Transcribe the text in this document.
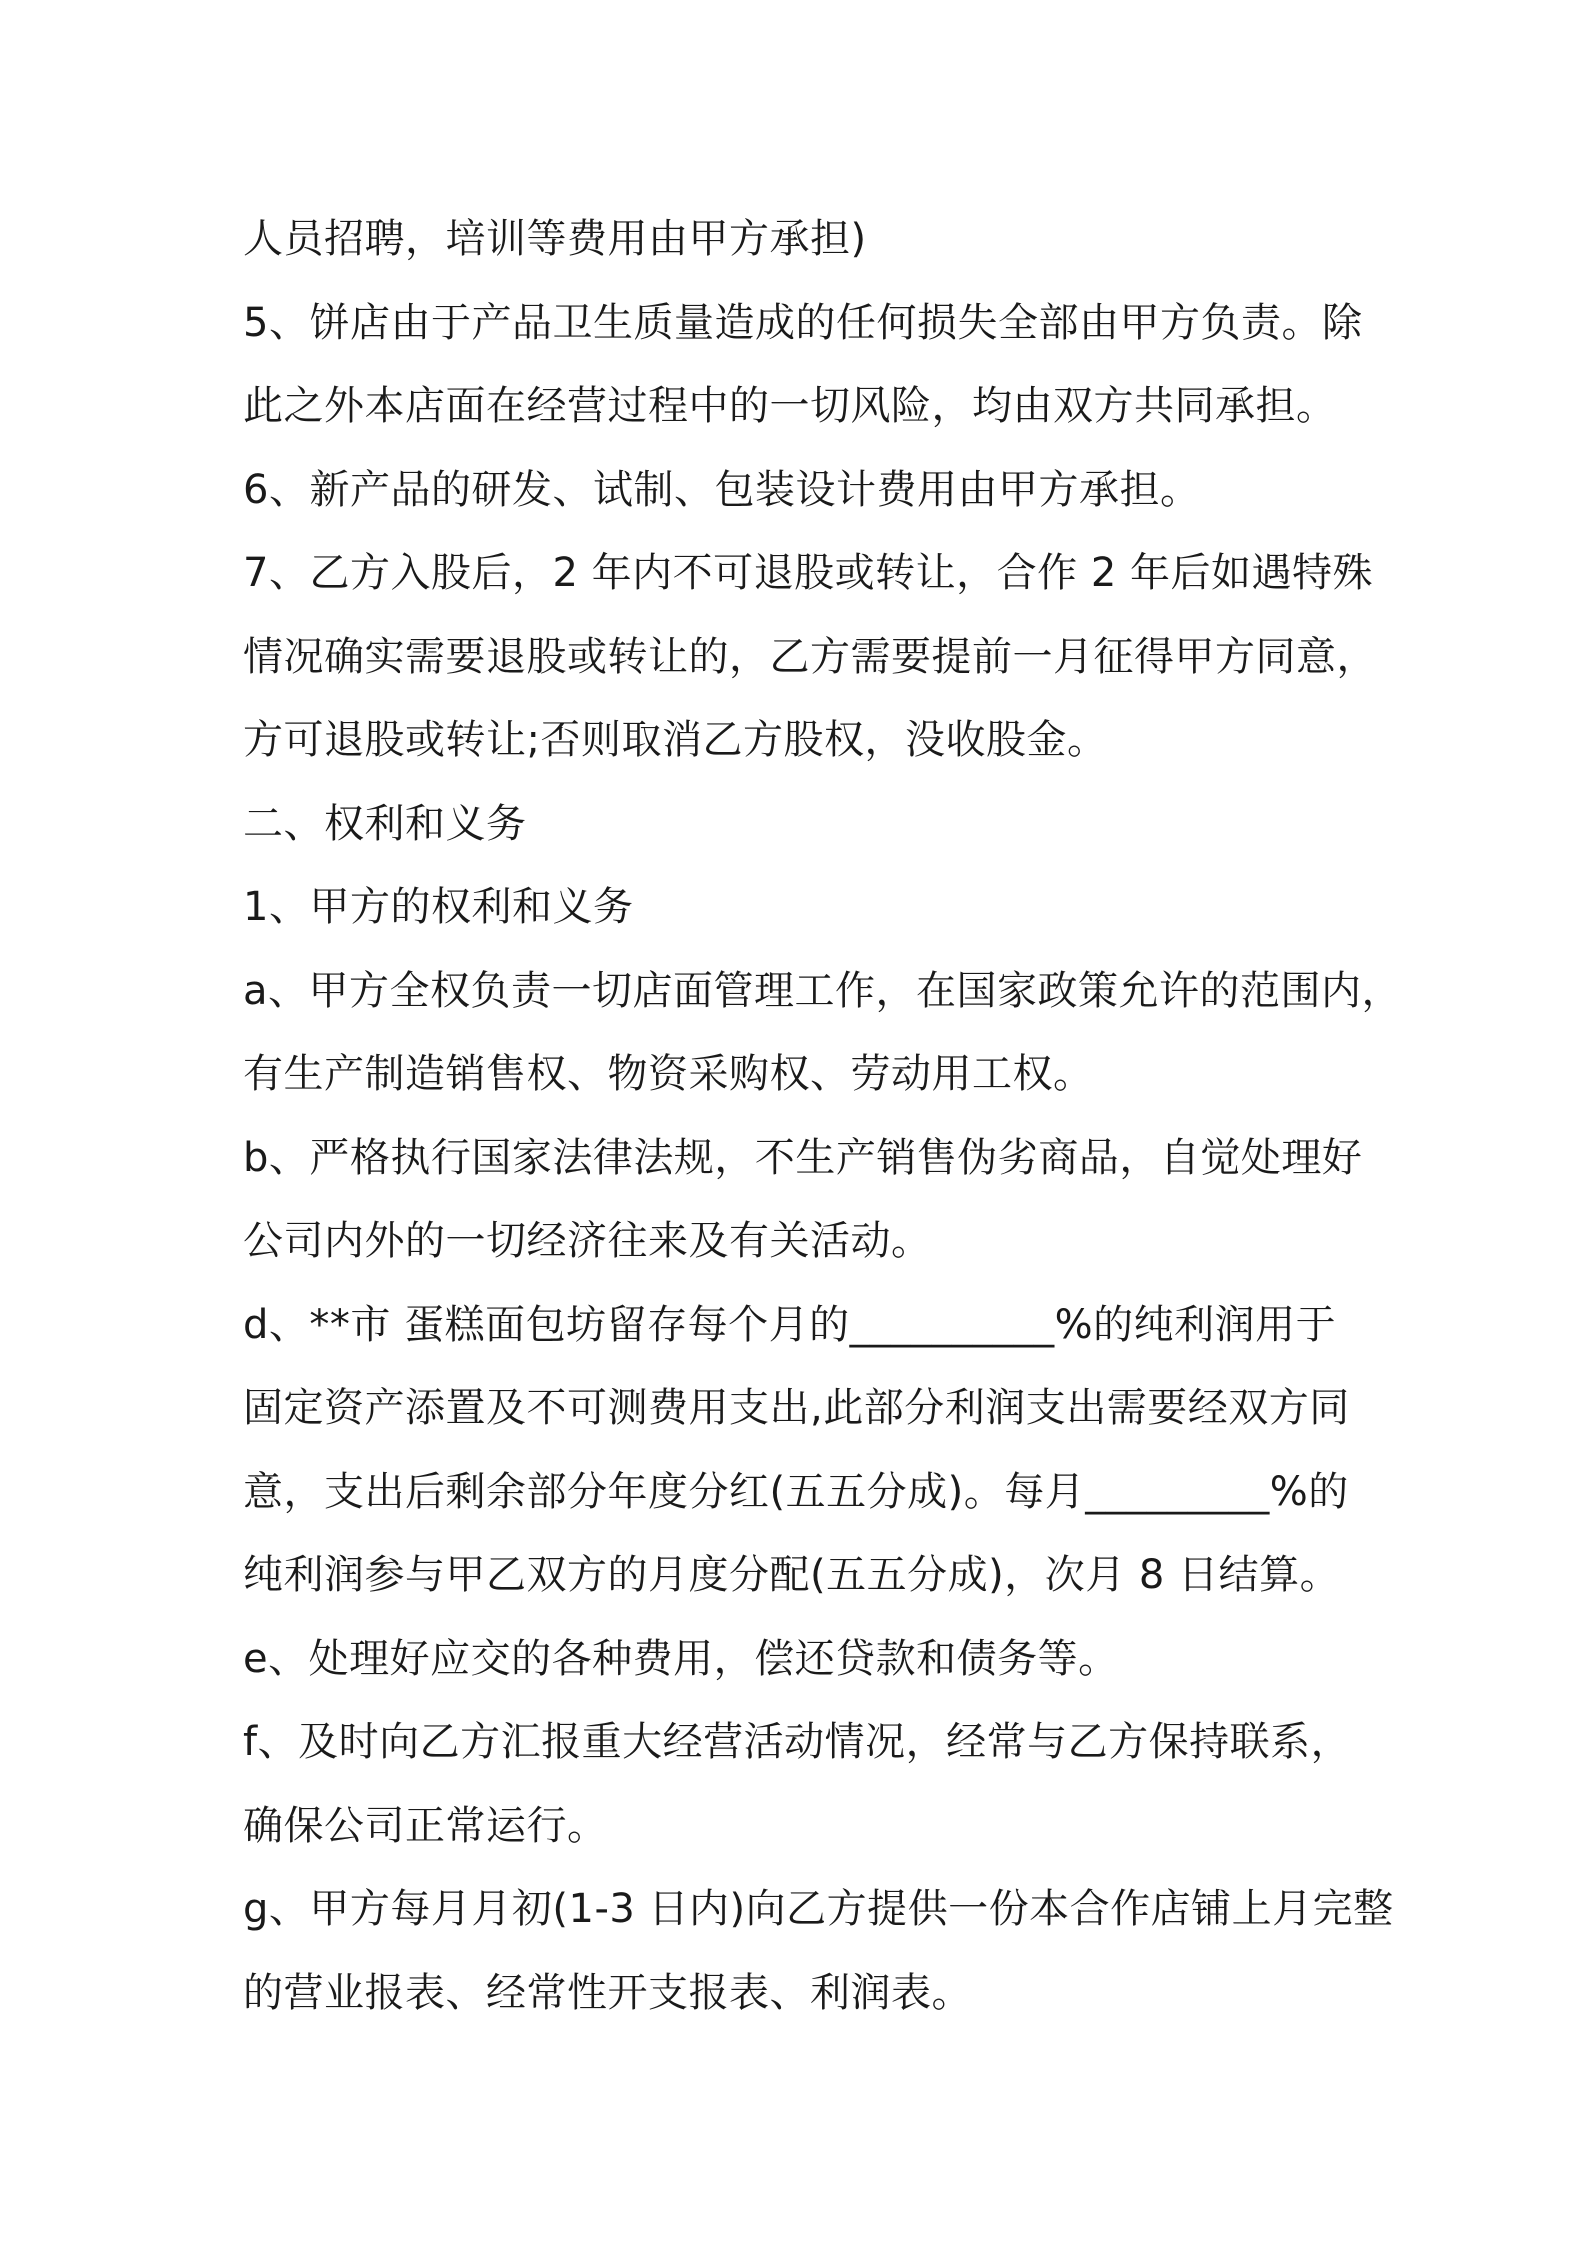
人员招聘，培训等费用由甲方承担)
5、饼店由于产品卫生质量造成的任何损失全部由甲方负责。除
此之外本店面在经营过程中的一切风险，均由双方共同承担。
6、新产品的研发、试制、包装设计费用由甲方承担。
7、乙方入股后，2 年内不可退股或转让，合作 2 年后如遇特殊
情况确实需要退股或转让的，乙方需要提前一月征得甲方同意，
方可退股或转让;否则取消乙方股权，没收股金。
二、权利和义务
1、甲方的权利和义务
a、甲方全权负责一切店面管理工作，在国家政策允许的范围内，
有生产制造销售权、物资采购权、劳动用工权。
b、严格执行国家法律法规，不生产销售伪劣商品，自觉处理好
公司内外的一切经济往来及有关活动。
d、**市 蛋糕面包坊留存每个月的__________%的纯利润用于
固定资产添置及不可测费用支出,此部分利润支出需要经双方同
意，支出后剩余部分年度分红(五五分成)。每月_________%的
纯利润参与甲乙双方的月度分配(五五分成)，次月 8 日结算。
e、处理好应交的各种费用，偿还贷款和债务等。
f、及时向乙方汇报重大经营活动情况，经常与乙方保持联系，
确保公司正常运行。
g、甲方每月月初(1-3 日内)向乙方提供一份本合作店铺上月完整
的营业报表、经常性开支报表、利润表。
